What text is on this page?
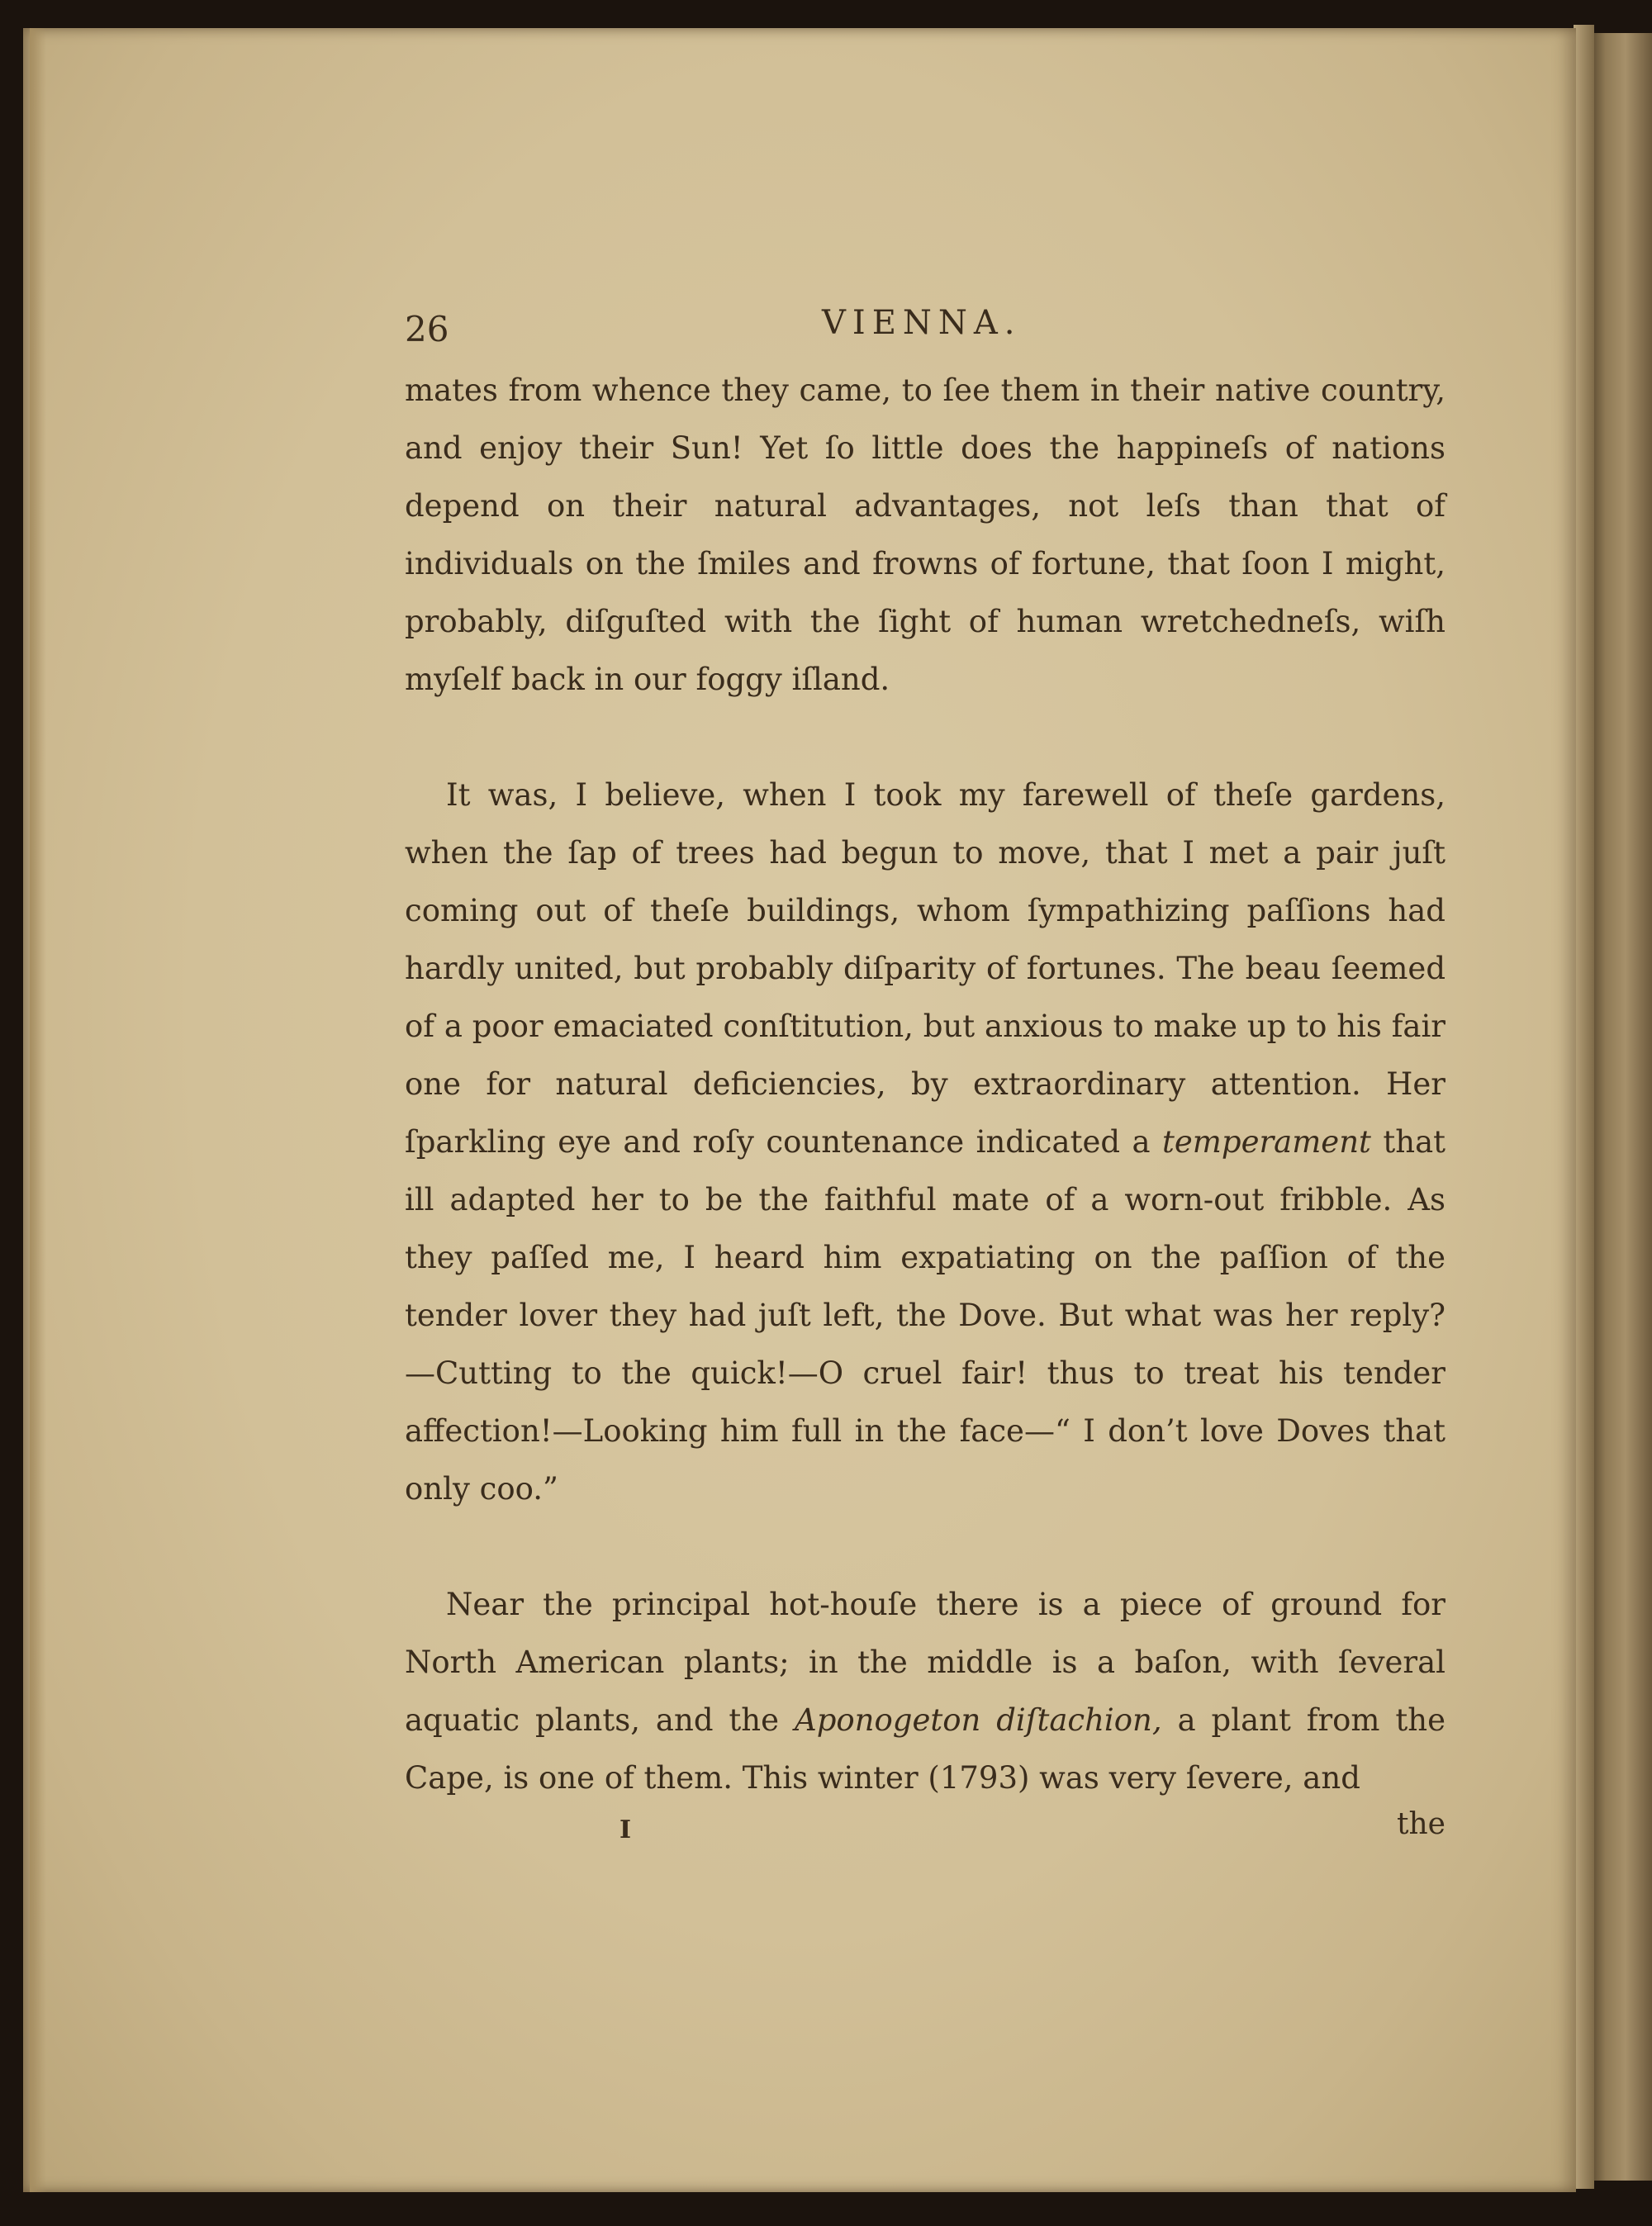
26	VIENNA.

mates from whence they came, to ſee them in their native country, and enjoy their Sun! Yet ſo little does the happineſs of nations depend on their natural advantages, not leſs than that of individuals on the ſmiles and frowns of fortune, that ſoon I might, probably, diſguſted with the ſight of human wretchedneſs, wiſh myſelf back in our foggy iſland.

It was, I believe, when I took my farewell of theſe gardens, when the ſap of trees had begun to move, that I met a pair juſt coming out of theſe buildings, whom ſympathizing paſſions had hardly united, but probably diſparity of fortunes. The beau ſeemed of a poor emaciated conſtitution, but anxious to make up to his fair one for natural deficiencies, by extraordinary attention. Her ſparkling eye and roſy countenance indicated a temperament that ill adapted her to be the faithful mate of a worn-out fribble. As they paſſed me, I heard him expatiating on the paſſion of the tender lover they had juſt left, the Dove. But what was her reply?—Cutting to the quick!—O cruel fair! thus to treat his tender affection!—Looking him full in the face—“ I don’t love Doves that only coo.”

Near the principal hot-houſe there is a piece of ground for North American plants; in the middle is a baſon, with ſeveral aquatic plants, and the Aponogeton diſtachion, a plant from the Cape, is one of them. This winter (1793) was very ſevere, and

I	the
